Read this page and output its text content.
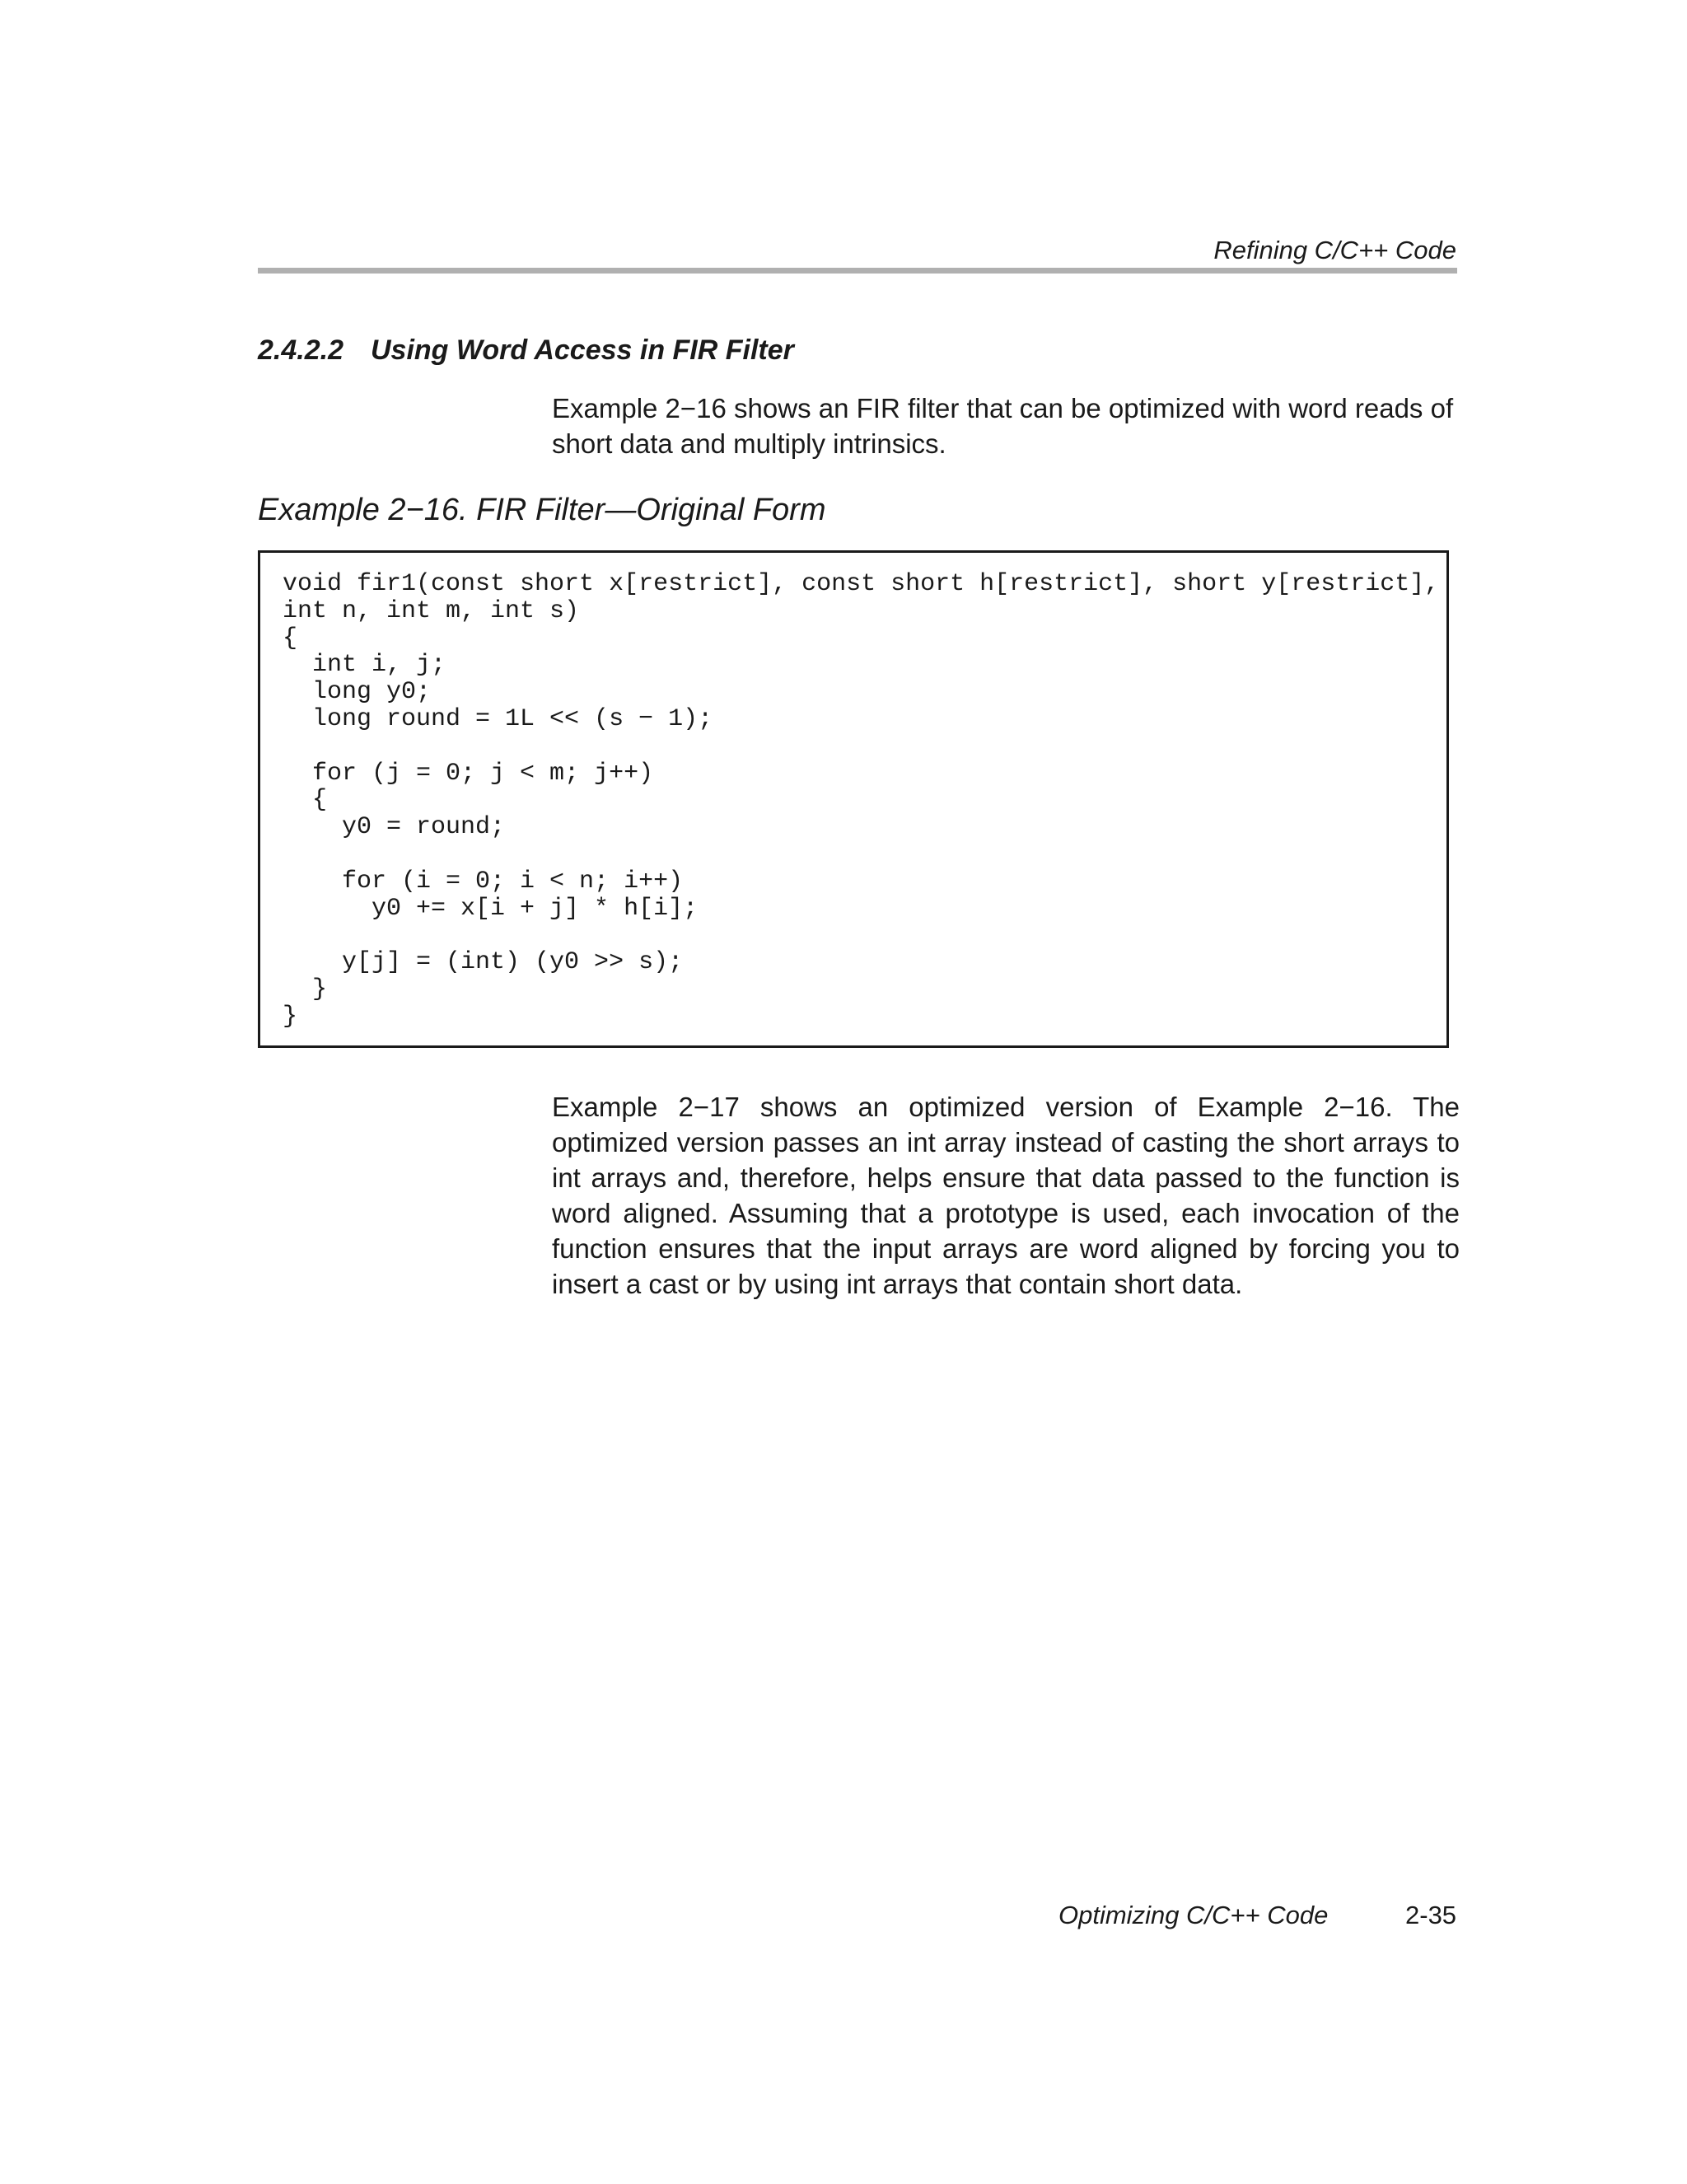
Refining C/C++ Code
2.4.2.2 Using Word Access in FIR Filter

Example 2−16 shows an FIR filter that can be optimized with word reads of short data and multiply intrinsics.

Example 2−16. FIR Filter—Original Form
void fir1(const short x[restrict], const short h[restrict], short y[restrict],
int n, int m, int s)
{
int i, j;
long y0;
long round = 1L << (s − 1);

for (j = 0; j < m; j++)
{
y0 = round;

for (i = 0; i < n; i++)
y0 += x[i + j] * h[i];

y[j] = (int) (y0 >> s);
}
}

Example 2−17 shows an optimized version of Example 2−16. The optimized version passes an int array instead of casting the short arrays to int arrays and, therefore, helps ensure that data passed to the function is word aligned. Assuming that a prototype is used, each invocation of the function ensures that the input arrays are word aligned by forcing you to insert a cast or by using int arrays that contain short data.

Optimizing C/C++ Code	2-35
